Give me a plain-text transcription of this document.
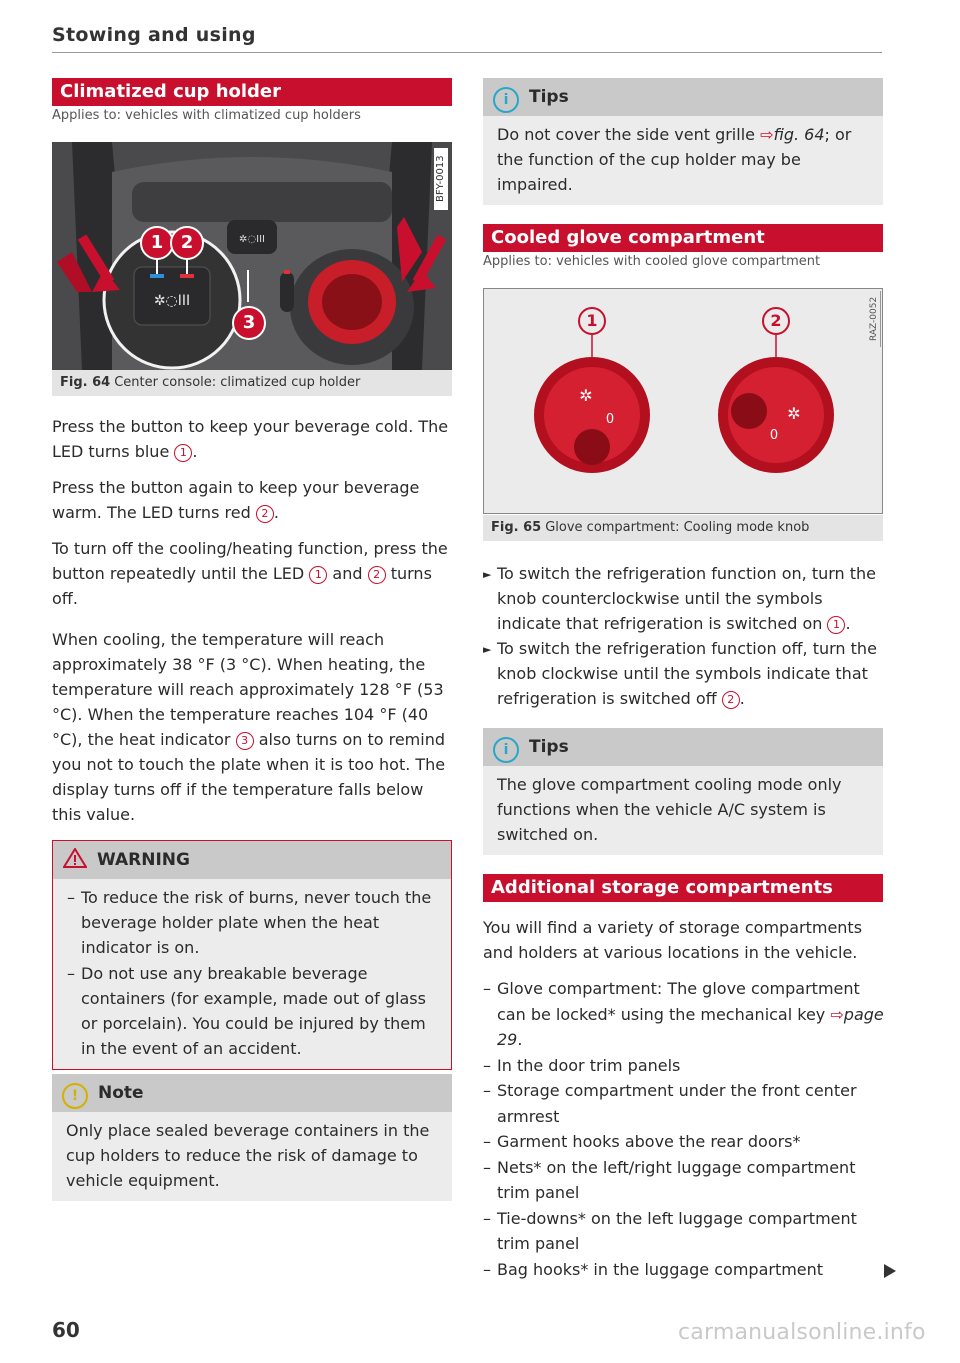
Stowing and using
Climatized cup holder
Applies to: vehicles with climatized cup holders
✲◌III
✲◌III
1 2
3
BFY-0013
Fig. 64 Center console: climatized cup holder

Press the button to keep your beverage cold. The LED turns blue 1 .

Press the button again to keep your beverage warm. The LED turns red 2 .

To turn off the cooling/heating function, press the button repeatedly until the LED 1 and 2 turns off.

When cooling, the temperature will reach approximately 38 °F (3 °C). When heating, the temperature will reach approximately 128 °F (53 °C). When the temperature reaches 104 °F (40 °C), the heat indicator 3 also turns on to remind you not to touch the plate when it is too hot. The display turns off if the temperature falls below this value.

WARNING
– To reduce the risk of burns, never touch the beverage holder plate when the heat indicator is on.
– Do not use any breakable beverage containers (for example, made out of glass or porcelain). You could be injured by them in the event of an accident.
! Note
Only place sealed beverage containers in the cup holders to reduce the risk of damage to vehicle equipment.
i Tips
Do not cover the side vent grille ⇨fig. 64; or the function of the cup holder may be impaired.
Cooled glove compartment
Applies to: vehicles with cooled glove compartment
✲
0	✲
0
1	2	RAZ-0052
Fig. 65 Glove compartment: Cooling mode knob
► To switch the refrigeration function on, turn the knob counterclockwise until the symbols indicate that refrigeration is switched on 1 .
► To switch the refrigeration function off, turn the knob clockwise until the symbols indicate that refrigeration is switched off 2 .
i Tips
The glove compartment cooling mode only functions when the vehicle A/C system is switched on.
Additional storage compartments

You will find a variety of storage compartments and holders at various locations in the vehicle.

– Glove compartment: The glove compartment can be locked* using the mechanical key ⇨page 29.
– In the door trim panels
– Storage compartment under the front center armrest
– Garment hooks above the rear doors*
– Nets* on the left/right luggage compartment trim panel
– Tie-downs* on the left luggage compartment trim panel
– Bag hooks* in the luggage compartment
60	carmanualsonline.info
